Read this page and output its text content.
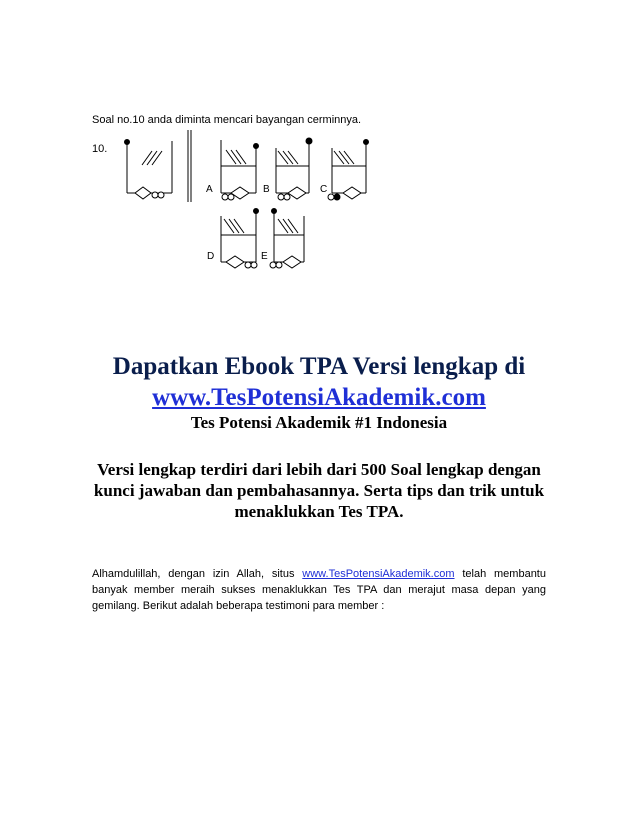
Soal no.10 anda diminta mencari bayangan cerminnya.
10.
A	B	C
D	E
Dapatkan Ebook TPA Versi lengkap di
www.TesPotensiAkademik.com
Tes Potensi Akademik #1 Indonesia
Versi lengkap terdiri dari lebih dari 500 Soal lengkap dengan kunci jawaban dan pembahasannya. Serta tips dan trik untuk menaklukkan Tes TPA.
Alhamdulillah, dengan izin Allah, situs www.TesPotensiAkademik.com telah membantu banyak member meraih sukses menaklukkan Tes TPA dan merajut masa depan yang gemilang. Berikut adalah beberapa testimoni para member :
